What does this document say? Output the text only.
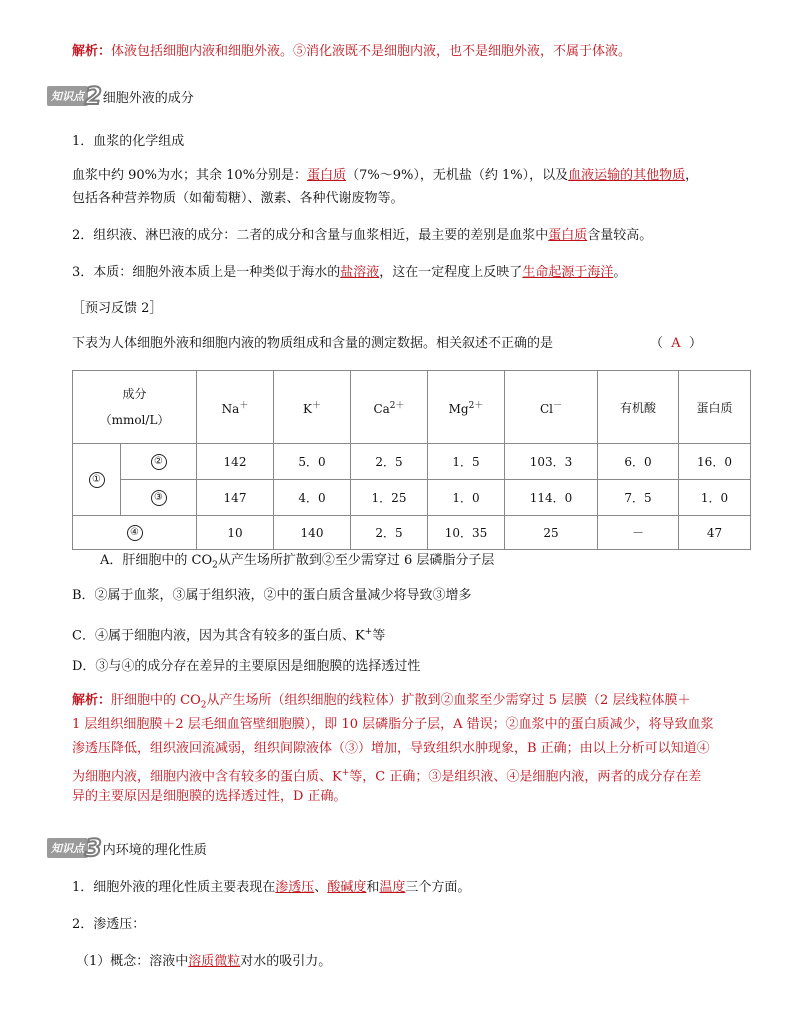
解析：体液包括细胞内液和细胞外液。⑤消化液既不是细胞内液，也不是细胞外液，不属于体液。
知识点 2 细胞外液的成分
1．血浆的化学组成
血浆中约 90%为水；其余 10%分别是：蛋白质（7%～9%），无机盐（约 1%），以及血液运输的其他物质，
包括各种营养物质（如葡萄糖）、激素、各种代谢废物等。
2．组织液、淋巴液的成分：二者的成分和含量与血浆相近，最主要的差别是血浆中蛋白质含量较高。
3．本质：细胞外液本质上是一种类似于海水的盐溶液，这在一定程度上反映了生命起源于海洋。
［预习反馈 2］
下表为人体细胞外液和细胞内液的物质组成和含量的测定数据。相关叙述不正确的是	（ A ）
成分
（mmol/L）		Na＋	K＋	$Ca^{2+}$	$Mg^{2+}$	Cl－	有机酸	蛋白质
①	②	142	5．0	2．5	1．5	103．3	6．0	16．0
	③	147	4．0	1．25	1．0	114．0	7．5	1．0
④		10	140	2．5	10．35	25	－	47
A．肝细胞中的 $CO_2$从产生场所扩散到②至少需穿过 6 层磷脂分子层
B．②属于血浆，③属于组织液，②中的蛋白质含量减少将导致③增多
C．④属于细胞内液，因为其含有较多的蛋白质、K+等
D．③与④的成分存在差异的主要原因是细胞膜的选择透过性
解析：肝细胞中的 $CO_2$从产生场所（组织细胞的线粒体）扩散到②血浆至少需穿过 5 层膜（2 层线粒体膜＋
1 层组织细胞膜＋2 层毛细血管壁细胞膜），即 10 层磷脂分子层，A 错误；②血浆中的蛋白质减少，将导致血浆
渗透压降低，组织液回流减弱，组织间隙液体（③）增加，导致组织水肿现象，B 正确；由以上分析可以知道④
为细胞内液，细胞内液中含有较多的蛋白质、K+等，C 正确；③是组织液、④是细胞内液，两者的成分存在差
异的主要原因是细胞膜的选择透过性，D 正确。
知识点 3 内环境的理化性质
1．细胞外液的理化性质主要表现在渗透压、酸碱度和温度三个方面。
2．渗透压：
（1）概念：溶液中溶质微粒对水的吸引力。
